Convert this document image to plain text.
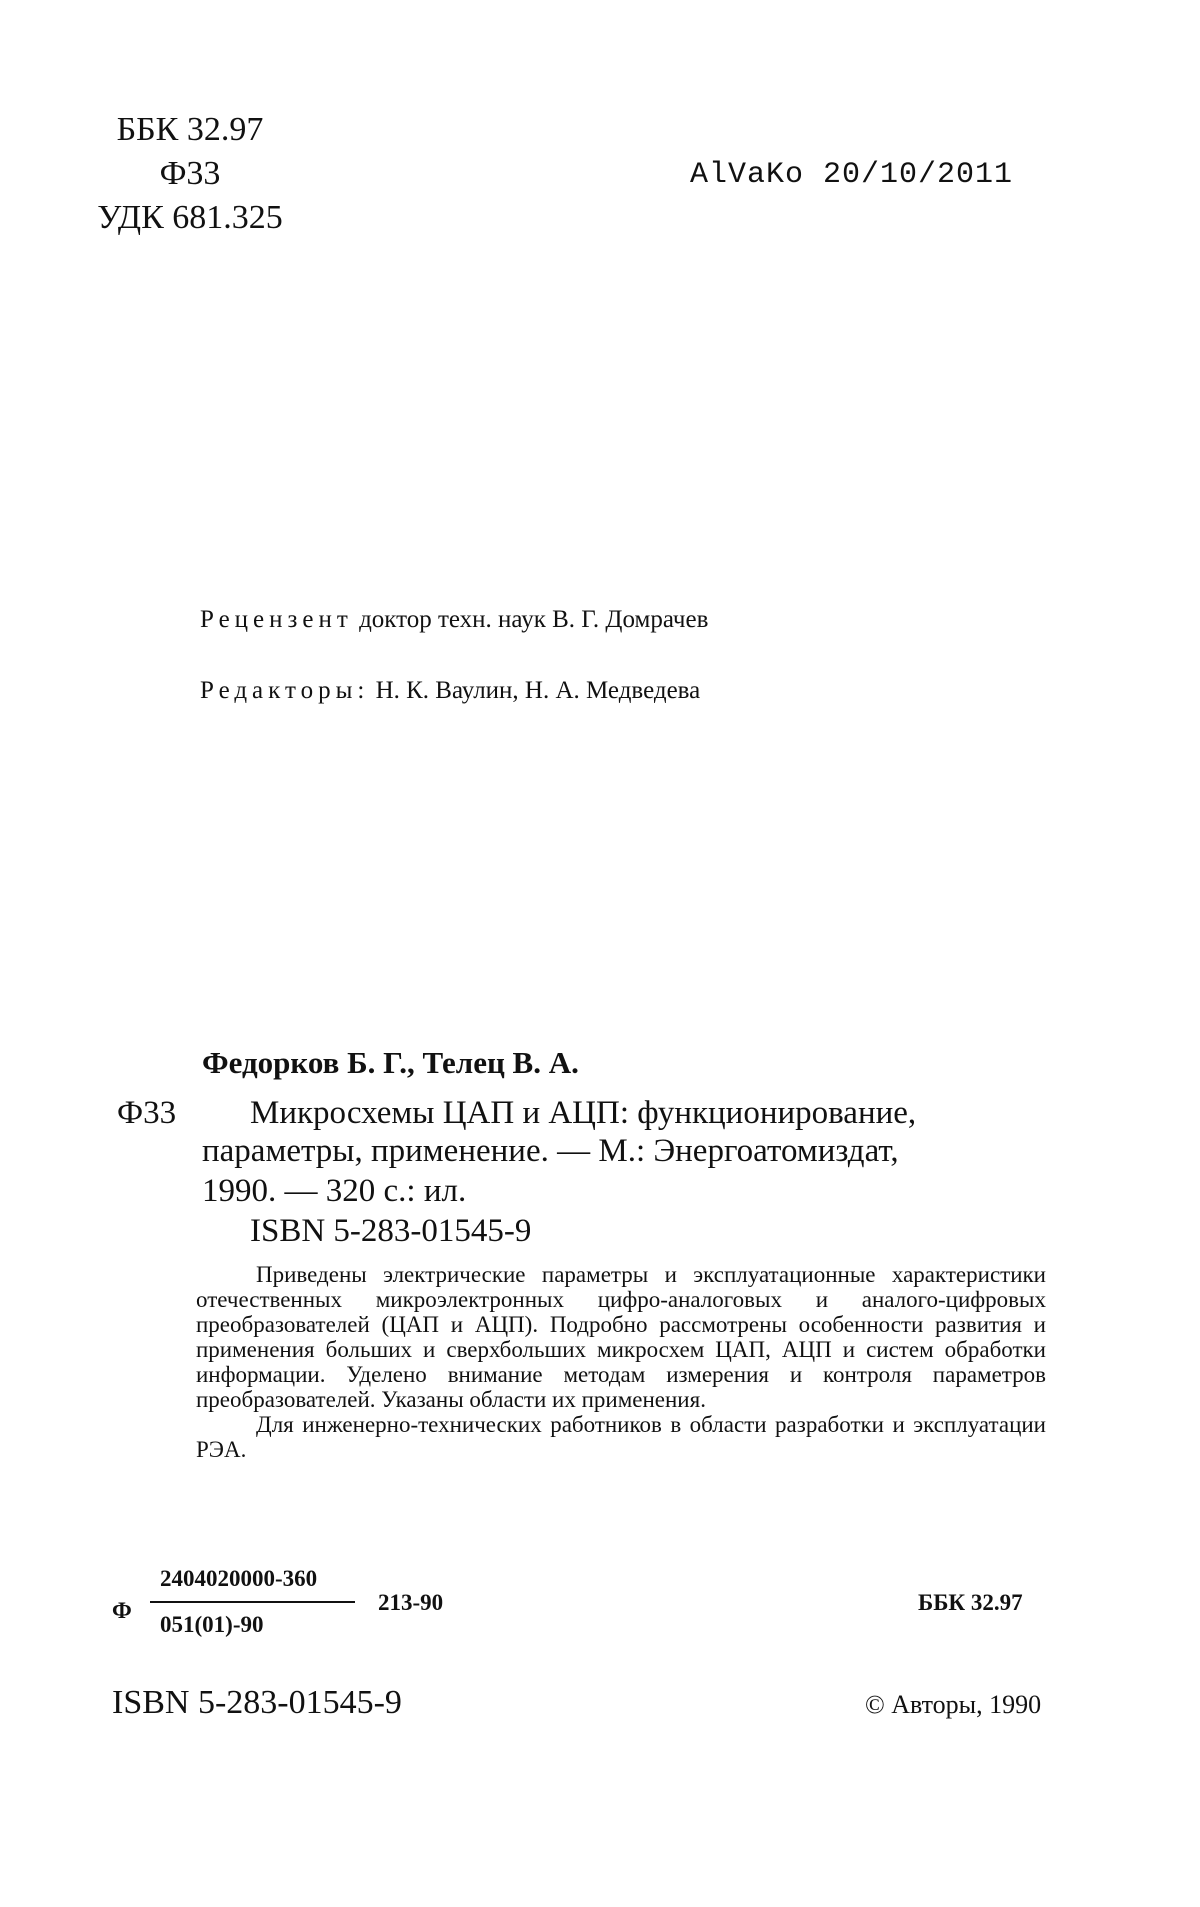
ББК 32.97
Ф33
УДК 681.325
AlVaKo 20/10/2011
Рецензент доктор техн. наук В. Г. Домрачев
Редакторы: Н. К. Ваулин, Н. А. Медведева
Федорков Б. Г., Телец В. А.
Ф33 Микросхемы ЦАП и АЦП: функционирование,
параметры, применение. — М.: Энергоатомиздат,
1990. — 320 с.: ил.
ISBN 5-283-01545-9

Приведены электрические параметры и эксплуатационные характеристики отечественных микроэлектронных цифро-аналоговых и аналого-цифровых преобразователей (ЦАП и АЦП). Подробно рассмотрены особенности развития и применения больших и сверхбольших микросхем ЦАП, АЦП и систем обработки информации. Уделено внимание методам измерения и контроля параметров преобразователей. Указаны области их применения.

Для инженерно-технических работников в области разработки и эксплуатации РЭА.

Ф
2404020000-360
051(01)-90
213-90	ББК 32.97
ISBN 5-283-01545-9	© Авторы, 1990
